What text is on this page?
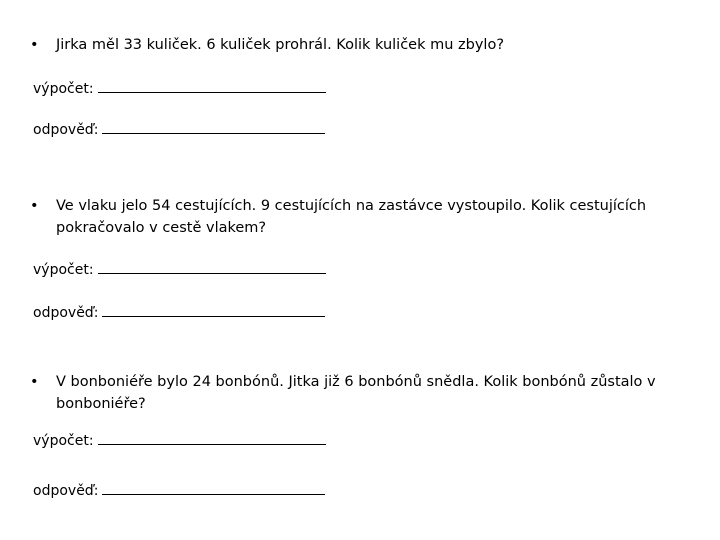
• Jirka měl 33 kuliček. 6 kuliček prohrál. Kolik kuliček mu zbylo?
výpočet:
odpověď:
• Ve vlaku jelo 54 cestujících. 9 cestujících na zastávce vystoupilo. Kolik cestujících pokračovalo v cestě vlakem?
výpočet:
odpověď:
• V bonboniéře bylo 24 bonbónů. Jitka již 6 bonbónů snědla. Kolik bonbónů zůstalo v bonboniéře?
výpočet:
odpověď:
